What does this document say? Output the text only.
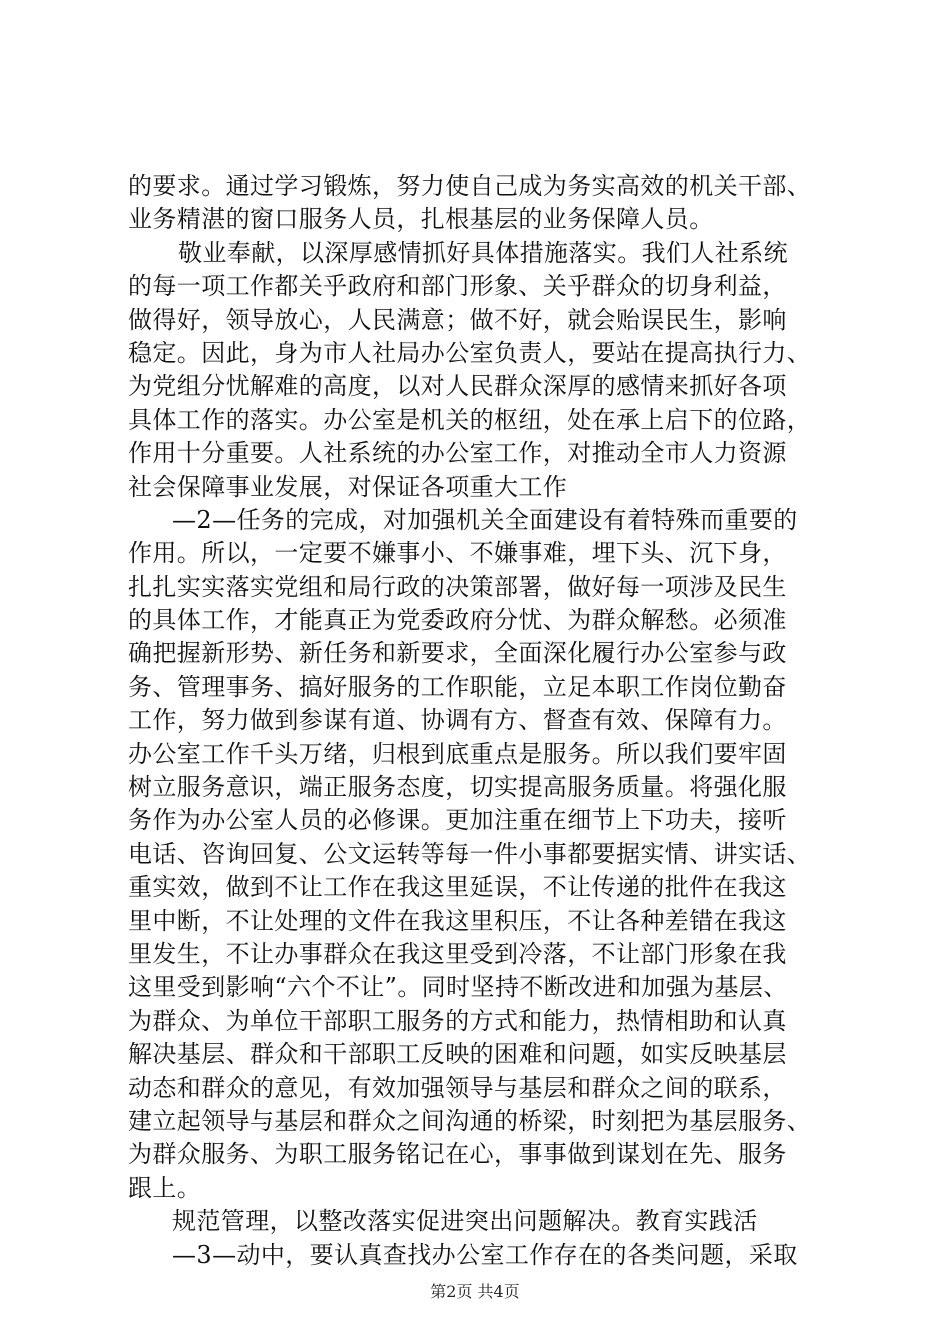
的要求。通过学习锻炼，努力使自己成为务实高效的机关干部、
业务精湛的窗口服务人员，扎根基层的业务保障人员。
敬业奉献，以深厚感情抓好具体措施落实。我们人社系统
的每一项工作都关乎政府和部门形象、关乎群众的切身利益，
做得好，领导放心，人民满意；做不好，就会贻误民生，影响
稳定。因此，身为市人社局办公室负责人，要站在提高执行力、
为党组分忧解难的高度，以对人民群众深厚的感情来抓好各项
具体工作的落实。办公室是机关的枢纽，处在承上启下的位路，
作用十分重要。人社系统的办公室工作，对推动全市人力资源
社会保障事业发展，对保证各项重大工作
—2—任务的完成，对加强机关全面建设有着特殊而重要的
作用。所以，一定要不嫌事小、不嫌事难，埋下头、沉下身，
扎扎实实落实党组和局行政的决策部署，做好每一项涉及民生
的具体工作，才能真正为党委政府分忧、为群众解愁。必须准
确把握新形势、新任务和新要求，全面深化履行办公室参与政
务、管理事务、搞好服务的工作职能，立足本职工作岗位勤奋
工作，努力做到参谋有道、协调有方、督查有效、保障有力。
办公室工作千头万绪，归根到底重点是服务。所以我们要牢固
树立服务意识，端正服务态度，切实提高服务质量。将强化服
务作为办公室人员的必修课。更加注重在细节上下功夫，接听
电话、咨询回复、公文运转等每一件小事都要据实情、讲实话、
重实效，做到不让工作在我这里延误，不让传递的批件在我这
里中断，不让处理的文件在我这里积压，不让各种差错在我这
里发生，不让办事群众在我这里受到冷落，不让部门形象在我
这里受到影响“六个不让”。同时坚持不断改进和加强为基层、
为群众、为单位干部职工服务的方式和能力，热情相助和认真
解决基层、群众和干部职工反映的困难和问题，如实反映基层
动态和群众的意见，有效加强领导与基层和群众之间的联系，
建立起领导与基层和群众之间沟通的桥梁，时刻把为基层服务、
为群众服务、为职工服务铭记在心，事事做到谋划在先、服务
跟上。
规范管理，以整改落实促进突出问题解决。教育实践活
—3—动中，要认真查找办公室工作存在的各类问题，采取
第2页 共4页
